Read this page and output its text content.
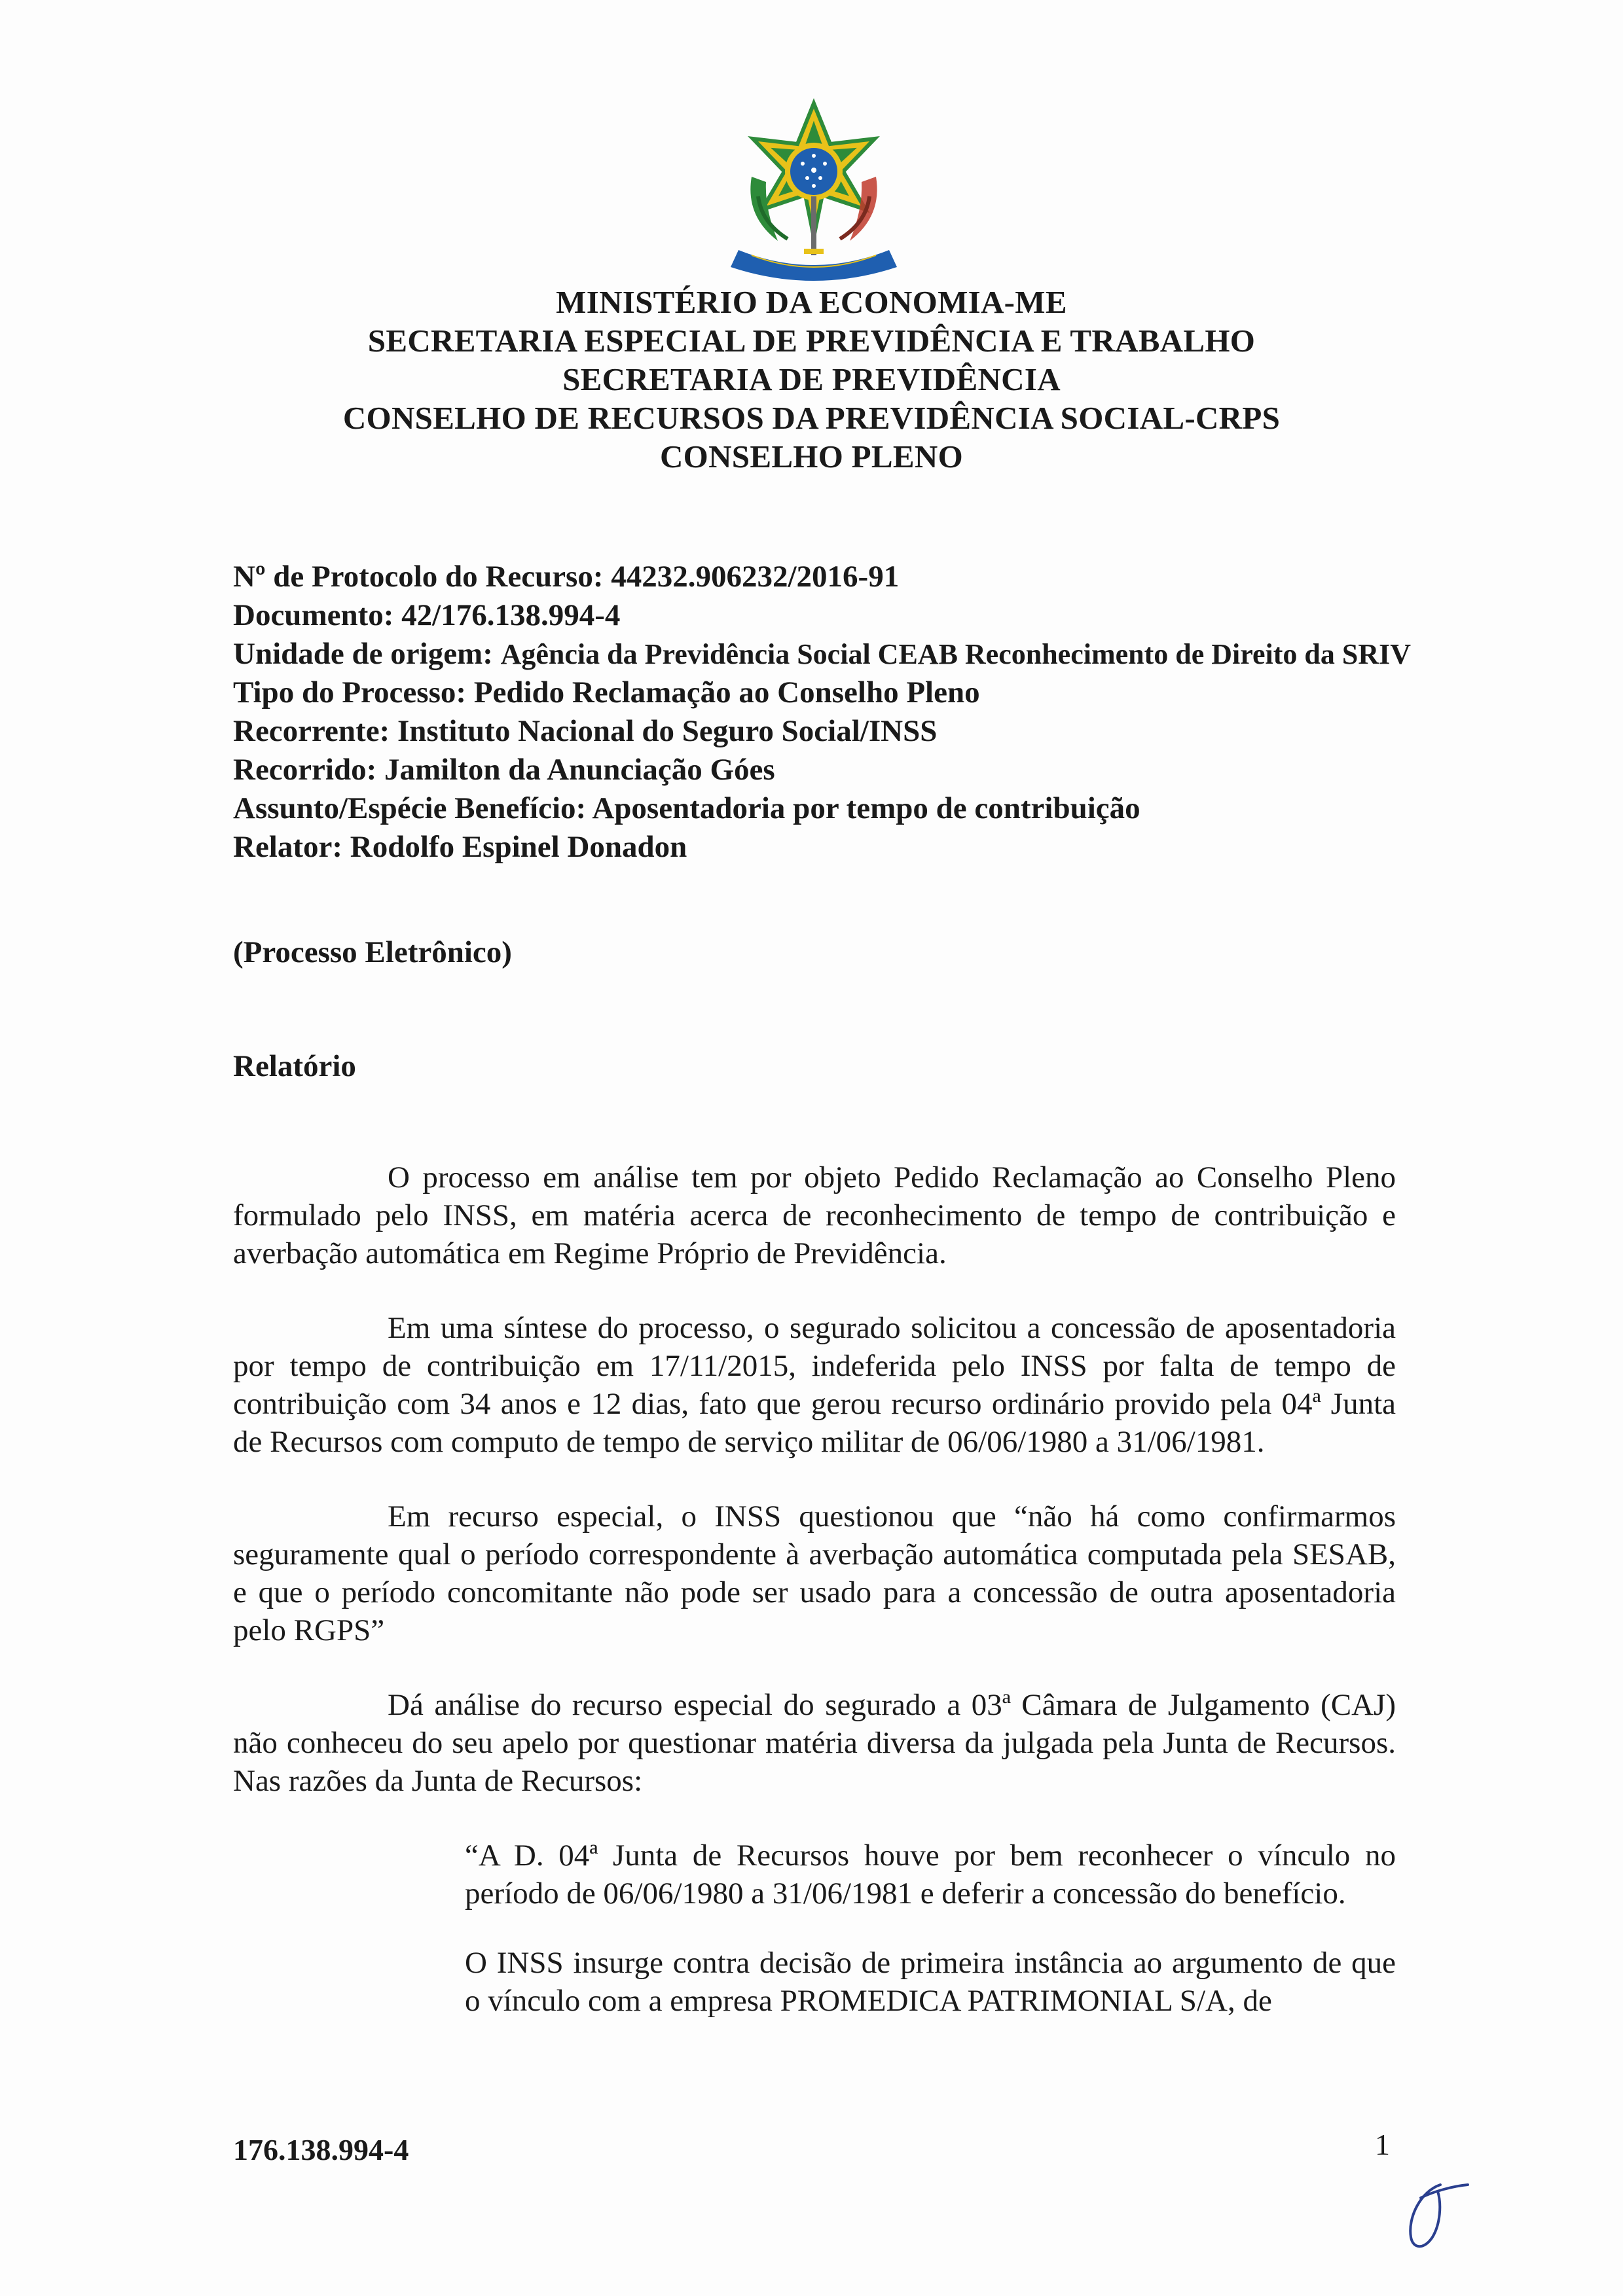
MINISTÉRIO DA ECONOMIA-ME
SECRETARIA ESPECIAL DE PREVIDÊNCIA E TRABALHO
SECRETARIA DE PREVIDÊNCIA
CONSELHO DE RECURSOS DA PREVIDÊNCIA SOCIAL-CRPS
CONSELHO PLENO
Nº de Protocolo do Recurso: 44232.906232/2016-91
Documento: 42/176.138.994-4
Unidade de origem: Agência da Previdência Social CEAB Reconhecimento de Direito da SRIV
Tipo do Processo: Pedido Reclamação ao Conselho Pleno
Recorrente: Instituto Nacional do Seguro Social/INSS
Recorrido: Jamilton da Anunciação Góes
Assunto/Espécie Benefício: Aposentadoria por tempo de contribuição
Relator: Rodolfo Espinel Donadon
(Processo Eletrônico)
Relatório

O processo em análise tem por objeto Pedido Reclamação ao Conselho Pleno formulado pelo INSS, em matéria acerca de reconhecimento de tempo de contribuição e averbação automática em Regime Próprio de Previdência.

Em uma síntese do processo, o segurado solicitou a concessão de aposentadoria por tempo de contribuição em 17/11/2015, indeferida pelo INSS por falta de tempo de contribuição com 34 anos e 12 dias, fato que gerou recurso ordinário provido pela 04ª Junta de Recursos com computo de tempo de serviço militar de 06/06/1980 a 31/06/1981.

Em recurso especial, o INSS questionou que “não há como confirmarmos seguramente qual o período correspondente à averbação automática computada pela SESAB, e que o período concomitante não pode ser usado para a concessão de outra aposentadoria pelo RGPS”

Dá análise do recurso especial do segurado a 03ª Câmara de Julgamento (CAJ) não conheceu do seu apelo por questionar matéria diversa da julgada pela Junta de Recursos. Nas razões da Junta de Recursos:

“A D. 04ª Junta de Recursos houve por bem reconhecer o vínculo no período de 06/06/1980 a 31/06/1981 e deferir a concessão do benefício.

O INSS insurge contra decisão de primeira instância ao argumento de que o vínculo com a empresa PROMEDICA PATRIMONIAL S/A, de

176.138.994-4	1
